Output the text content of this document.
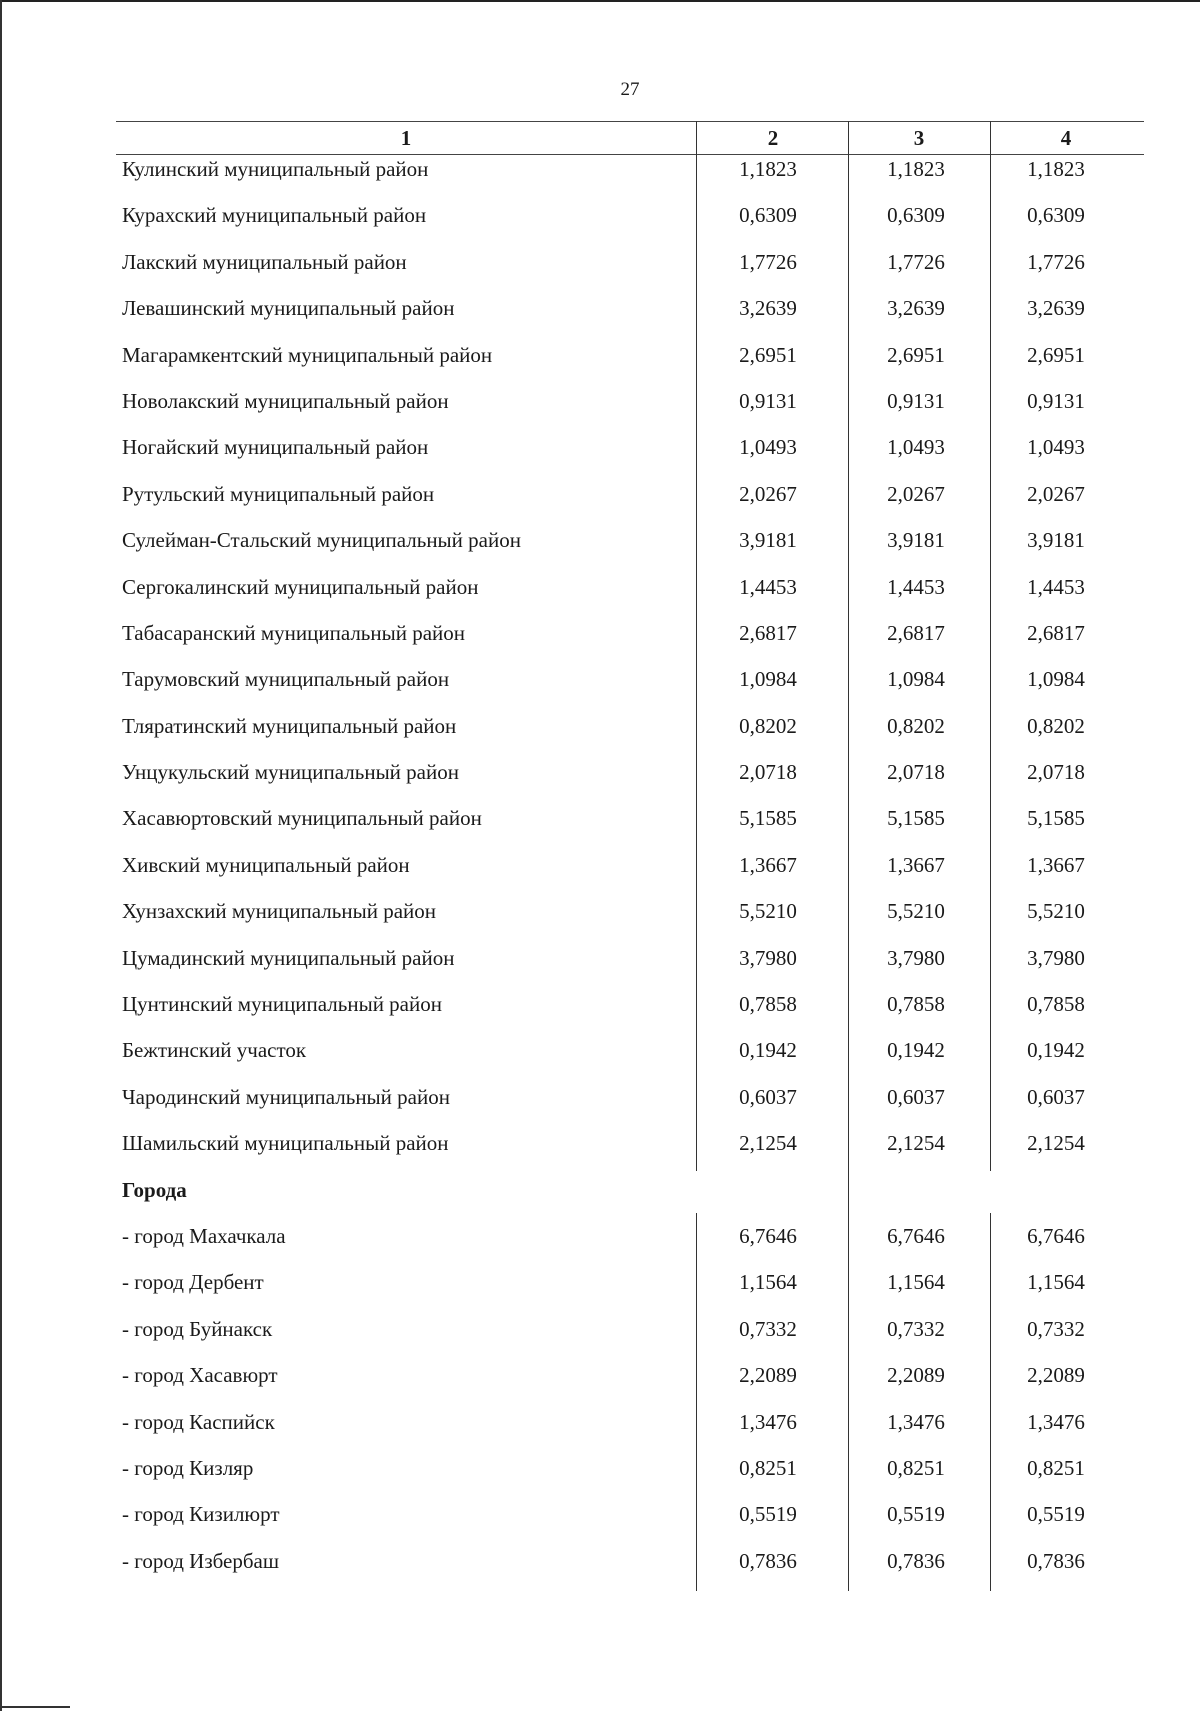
27
1	2	3	4
Кулинский муниципальный район	1,1823	1,1823	1,1823
Курахский муниципальный район	0,6309	0,6309	0,6309
Лакский муниципальный район	1,7726	1,7726	1,7726
Левашинский муниципальный район	3,2639	3,2639	3,2639
Магарамкентский муниципальный район	2,6951	2,6951	2,6951
Новолакский муниципальный район	0,9131	0,9131	0,9131
Ногайский муниципальный район	1,0493	1,0493	1,0493
Рутульский муниципальный район	2,0267	2,0267	2,0267
Сулейман-Стальский муниципальный район	3,9181	3,9181	3,9181
Сергокалинский муниципальный район	1,4453	1,4453	1,4453
Табасаранский муниципальный район	2,6817	2,6817	2,6817
Тарумовский муниципальный район	1,0984	1,0984	1,0984
Тляратинский муниципальный район	0,8202	0,8202	0,8202
Унцукульский муниципальный район	2,0718	2,0718	2,0718
Хасавюртовский муниципальный район	5,1585	5,1585	5,1585
Хивский муниципальный район	1,3667	1,3667	1,3667
Хунзахский муниципальный район	5,5210	5,5210	5,5210
Цумадинский муниципальный район	3,7980	3,7980	3,7980
Цунтинский муниципальный район	0,7858	0,7858	0,7858
Бежтинский участок	0,1942	0,1942	0,1942
Чародинский муниципальный район	0,6037	0,6037	0,6037
Шамильский муниципальный район	2,1254	2,1254	2,1254
Города
- город Махачкала	6,7646	6,7646	6,7646
- город Дербент	1,1564	1,1564	1,1564
- город Буйнакск	0,7332	0,7332	0,7332
- город Хасавюрт	2,2089	2,2089	2,2089
- город Каспийск	1,3476	1,3476	1,3476
- город Кизляр	0,8251	0,8251	0,8251
- город Кизилюрт	0,5519	0,5519	0,5519
- город Избербаш	0,7836	0,7836	0,7836
